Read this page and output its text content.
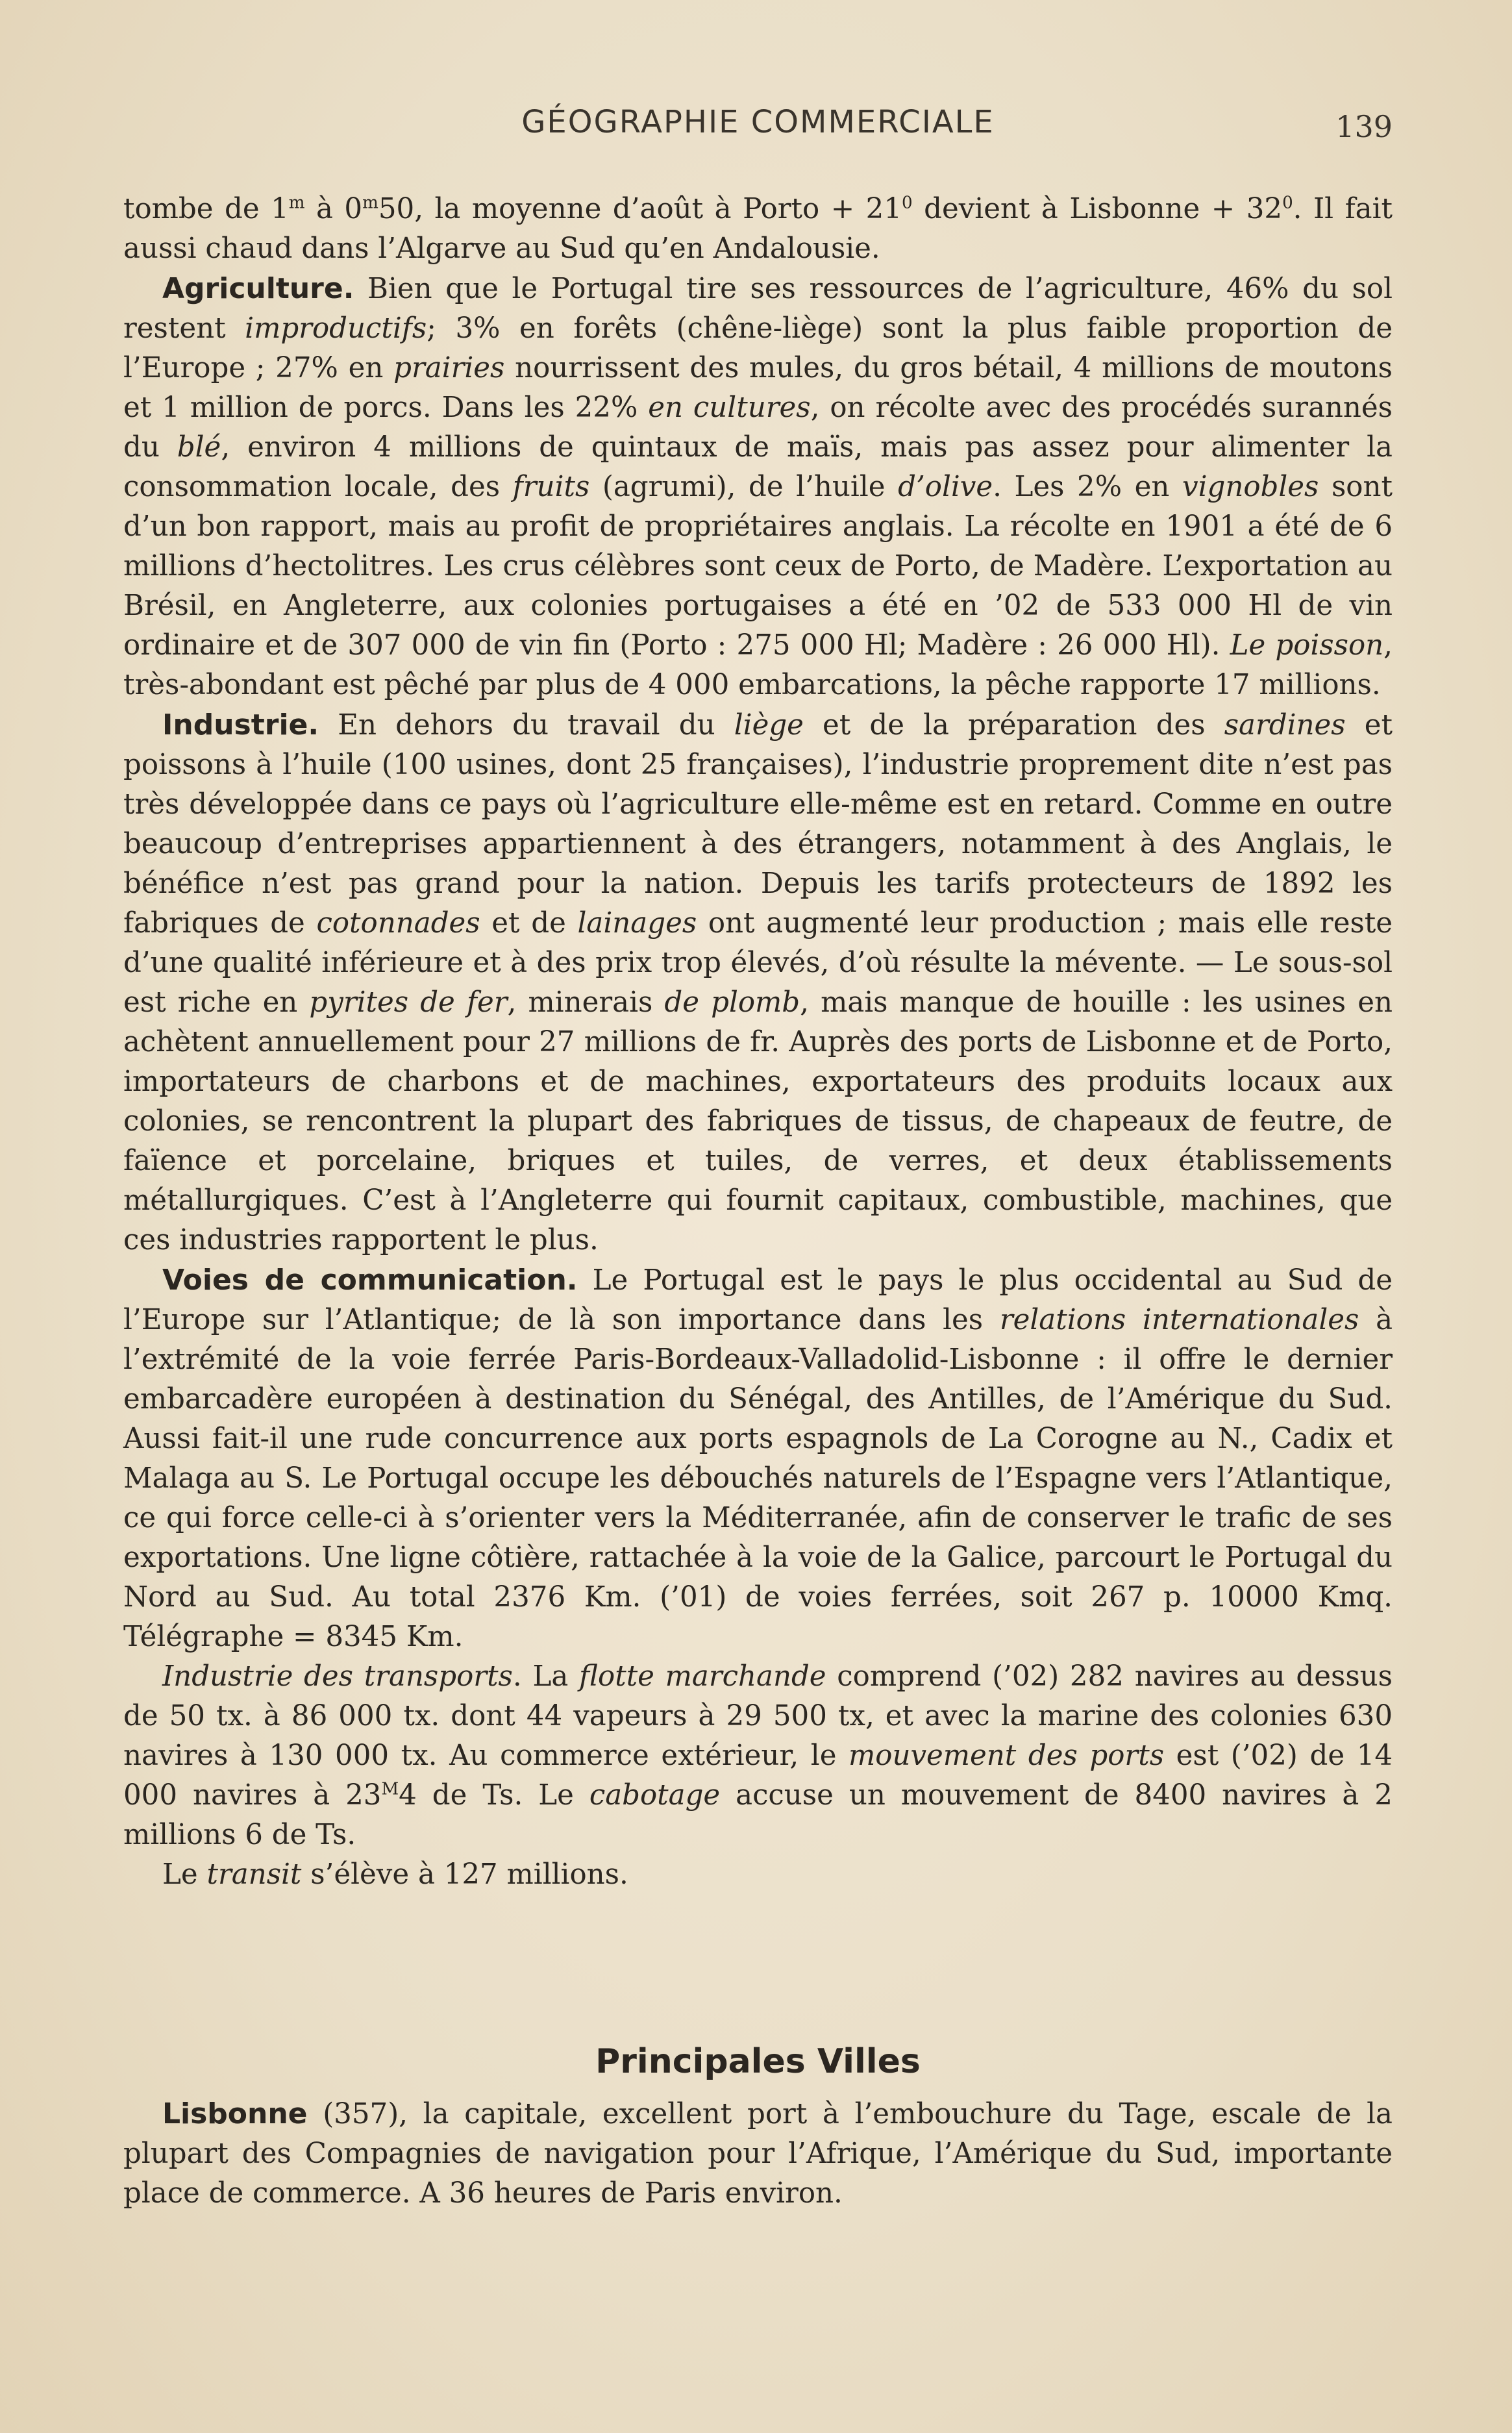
GÉOGRAPHIE COMMERCIALE	139

tombe de 1$^m$ à 0$^m$50, la moyenne d’août à Porto + $21^0$ devient à Lisbonne + $32^0$. Il fait aussi chaud dans l’Algarve au Sud qu’en Andalousie.

Agriculture. Bien que le Portugal tire ses ressources de l’agriculture, 46% du sol restent improductifs; 3% en forêts (chêne-liège) sont la plus faible proportion de l’Europe ; 27% en prairies nourrissent des mules, du gros bétail, 4 millions de moutons et 1 million de porcs. Dans les 22% en cultures, on récolte avec des procédés surannés du blé, environ 4 millions de quintaux de maïs, mais pas assez pour alimenter la consommation locale, des fruits (agrumi), de l’huile d’olive. Les 2% en vignobles sont d’un bon rapport, mais au profit de propriétaires anglais. La récolte en 1901 a été de 6 millions d’hectolitres. Les crus célèbres sont ceux de Porto, de Madère. L’exportation au Brésil, en Angleterre, aux colonies portugaises a été en ’02 de 533 000 Hl de vin ordinaire et de 307 000 de vin fin (Porto : 275 000 Hl; Madère : 26 000 Hl). Le poisson, très-abondant est pêché par plus de 4 000 embarcations, la pêche rapporte 17 millions.

Industrie. En dehors du travail du liège et de la préparation des sardines et poissons à l’huile (100 usines, dont 25 françaises), l’industrie proprement dite n’est pas très développée dans ce pays où l’agriculture elle-même est en retard. Comme en outre beaucoup d’entreprises appartiennent à des étrangers, notamment à des Anglais, le bénéfice n’est pas grand pour la nation. Depuis les tarifs protecteurs de 1892 les fabriques de cotonnades et de lainages ont augmenté leur production ; mais elle reste d’une qualité inférieure et à des prix trop élevés, d’où résulte la mévente. — Le sous-sol est riche en pyrites de fer, minerais de plomb, mais manque de houille : les usines en achètent annuellement pour 27 millions de fr. Auprès des ports de Lisbonne et de Porto, importateurs de charbons et de machines, exportateurs des produits locaux aux colonies, se rencontrent la plupart des fabriques de tissus, de chapeaux de feutre, de faïence et porcelaine, briques et tuiles, de verres, et deux établissements métallurgiques. C’est à l’Angleterre qui fournit capitaux, combustible, machines, que ces industries rapportent le plus.

Voies de communication. Le Portugal est le pays le plus occidental au Sud de l’Europe sur l’Atlantique; de là son importance dans les relations internationales à l’extrémité de la voie ferrée Paris-Bordeaux-Valladolid-Lisbonne : il offre le dernier embarcadère européen à destination du Sénégal, des Antilles, de l’Amérique du Sud. Aussi fait-il une rude concurrence aux ports espagnols de La Corogne au N., Cadix et Malaga au S. Le Portugal occupe les débouchés naturels de l’Espagne vers l’Atlantique, ce qui force celle-ci à s’orienter vers la Méditerranée, afin de conserver le trafic de ses exportations. Une ligne côtière, rattachée à la voie de la Galice, parcourt le Portugal du Nord au Sud. Au total 2376 Km. (’01) de voies ferrées, soit 267 p. 10000 Kmq. Télégraphe = 8345 Km.

Industrie des transports. La flotte marchande comprend (’02) 282 navires au dessus de 50 tx. à 86 000 tx. dont 44 vapeurs à 29 500 tx, et avec la marine des colonies 630 navires à 130 000 tx. Au commerce extérieur, le mouvement des ports est (’02) de 14 000 navires à $23^M4$ de Ts. Le cabotage accuse un mouvement de 8400 navires à 2 millions 6 de Ts.

Le transit s’élève à 127 millions.

Principales Villes

Lisbonne (357), la capitale, excellent port à l’embouchure du Tage, escale de la plupart des Compagnies de navigation pour l’Afrique, l’Amérique du Sud, importante place de commerce. A 36 heures de Paris environ.
